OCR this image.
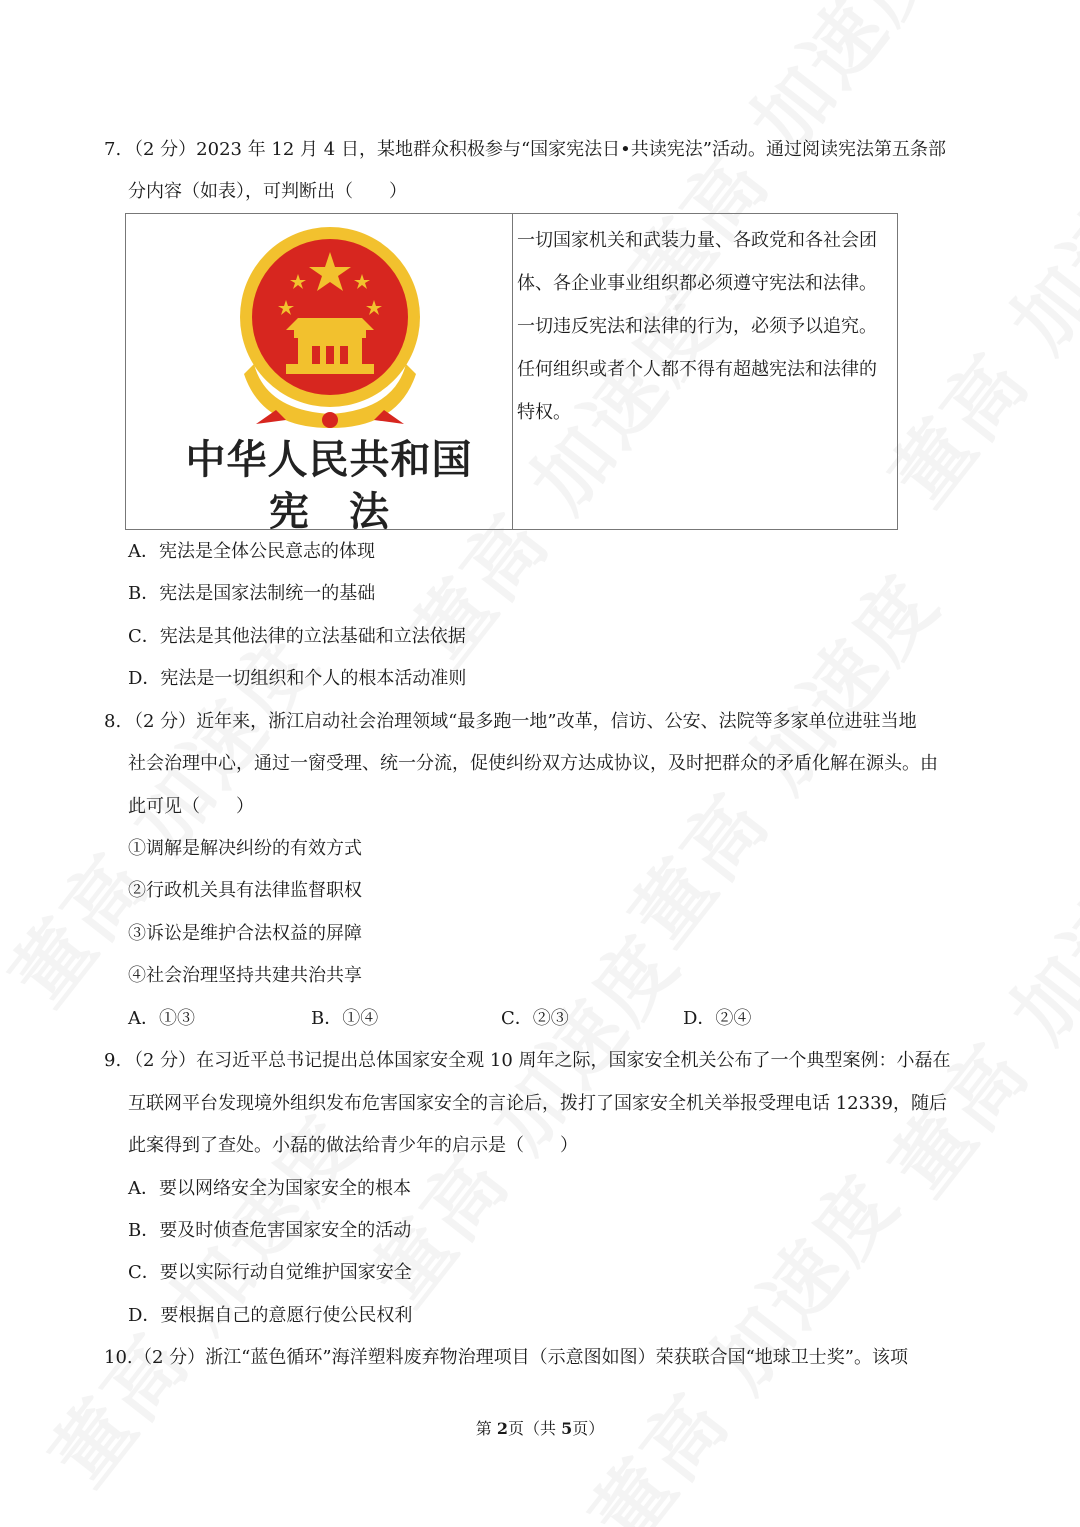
7. （2 分）2023 年 12 月 4 日，某地群众积极参与“国家宪法日•共读宪法”活动。通过阅读宪法第五条部
分内容（如表），可判断出（　　）
中华人民共和国
宪　法

一切国家机关和武装力量、各政党和各社会团
体、各企业事业组织都必须遵守宪法和法律。
一切违反宪法和法律的行为，必须予以追究。
任何组织或者个人都不得有超越宪法和法律的
特权。
A．宪法是全体公民意志的体现
B．宪法是国家法制统一的基础
C．宪法是其他法律的立法基础和立法依据
D．宪法是一切组织和个人的根本活动准则
8. （2 分）近年来，浙江启动社会治理领域“最多跑一地”改革，信访、公安、法院等多家单位进驻当地
社会治理中心，通过一窗受理、统一分流，促使纠纷双方达成协议，及时把群众的矛盾化解在源头。由
此可见（　　）
①调解是解决纠纷的有效方式
②行政机关具有法律监督职权
③诉讼是维护合法权益的屏障
④社会治理坚持共建共治共享
A．①③	B．①④	C．②③	D．②④
9. （2 分）在习近平总书记提出总体国家安全观 10 周年之际，国家安全机关公布了一个典型案例：小磊在
互联网平台发现境外组织发布危害国家安全的言论后，拨打了国家安全机关举报受理电话 12339，随后
此案得到了查处。小磊的做法给青少年的启示是（　　）
A．要以网络安全为国家安全的根本
B．要及时侦查危害国家安全的活动
C．要以实际行动自觉维护国家安全
D．要根据自己的意愿行使公民权利
10. （2 分）浙江“蓝色循环”海洋塑料废弃物治理项目（示意图如图）荣获联合国“地球卫士奖”。该项
第 2页（共 5页）
